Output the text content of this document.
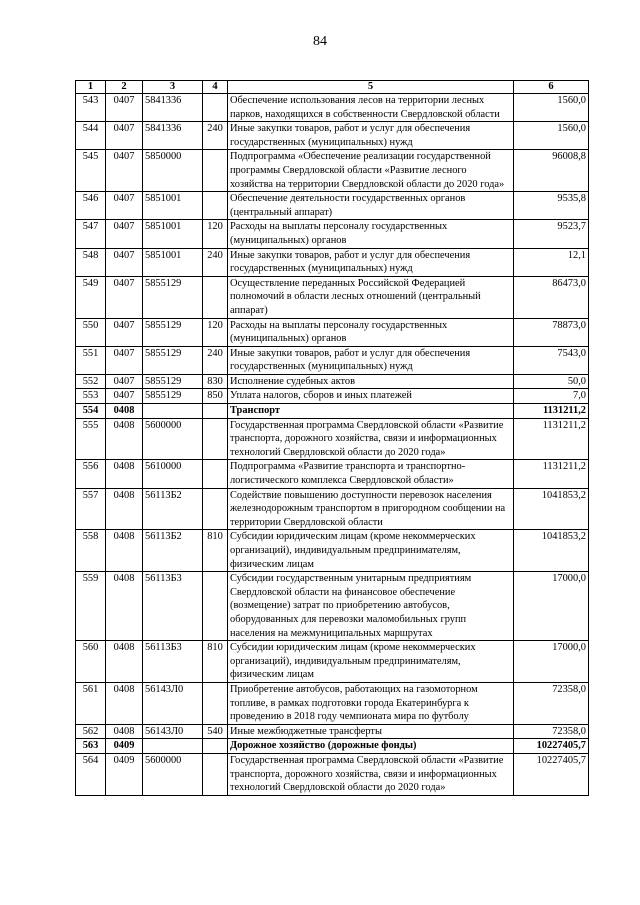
84
1	2	3	4	5	6
543	0407	5841336		Обеспечение использования лесов на территории лесных парков, находящихся в собственности Свердловской области	1560,0
544	0407	5841336	240	Иные закупки товаров, работ и услуг для обеспечения государственных (муниципальных) нужд	1560,0
545	0407	5850000		Подпрограмма «Обеспечение реализации государственной программы Свердловской области «Развитие лесного хозяйства на территории Свердловской области до 2020 года»	96008,8
546	0407	5851001		Обеспечение деятельности государственных органов (центральный аппарат)	9535,8
547	0407	5851001	120	Расходы на выплаты персоналу государственных (муниципальных) органов	9523,7
548	0407	5851001	240	Иные закупки товаров, работ и услуг для обеспечения государственных (муниципальных) нужд	12,1
549	0407	5855129		Осуществление переданных Российской Федерацией полномочий в области лесных отношений (центральный аппарат)	86473,0
550	0407	5855129	120	Расходы на выплаты персоналу государственных (муниципальных) органов	78873,0
551	0407	5855129	240	Иные закупки товаров, работ и услуг для обеспечения государственных (муниципальных) нужд	7543,0
552	0407	5855129	830	Исполнение судебных актов	50,0
553	0407	5855129	850	Уплата налогов, сборов и иных платежей	7,0
554	0408			Транспорт	1131211,2
555	0408	5600000		Государственная программа Свердловской области «Развитие транспорта, дорожного хозяйства, связи и информационных технологий Свердловской области до 2020 года»	1131211,2
556	0408	5610000		Подпрограмма «Развитие транспорта и транспортно-логистического комплекса Свердловской области»	1131211,2
557	0408	56113Б2		Содействие повышению доступности перевозок населения железнодорожным транспортом в пригородном сообщении на территории Свердловской области	1041853,2
558	0408	56113Б2	810	Субсидии юридическим лицам (кроме некоммерческих организаций), индивидуальным предпринимателям, физическим лицам	1041853,2
559	0408	56113Б3		Субсидии государственным унитарным предприятиям Свердловской области на финансовое обеспечение (возмещение) затрат по приобретению автобусов, оборудованных для перевозки маломобильных групп населения на межмуниципальных маршрутах	17000,0
560	0408	56113Б3	810	Субсидии юридическим лицам (кроме некоммерческих организаций), индивидуальным предпринимателям, физическим лицам	17000,0
561	0408	56143Л0		Приобретение автобусов, работающих на газомоторном топливе, в рамках подготовки города Екатеринбурга к проведению в 2018 году чемпионата мира по футболу	72358,0
562	0408	56143Л0	540	Иные межбюджетные трансферты	72358,0
563	0409			Дорожное хозяйство (дорожные фонды)	10227405,7
564	0409	5600000		Государственная программа Свердловской области «Развитие транспорта, дорожного хозяйства, связи и информационных технологий Свердловской области до 2020 года»	10227405,7
